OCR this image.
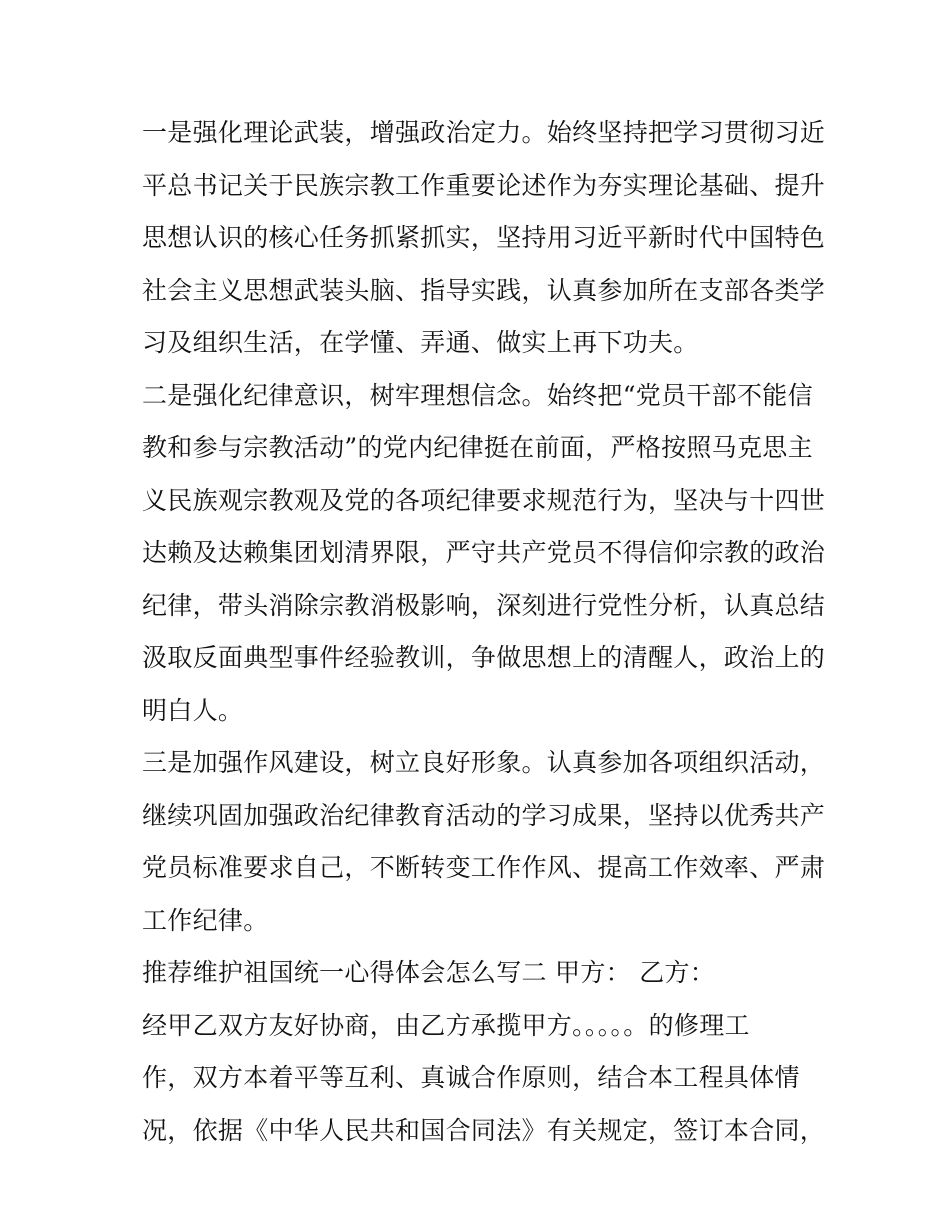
一是强化理论武装，增强政治定力。始终坚持把学习贯彻习近
平总书记关于民族宗教工作重要论述作为夯实理论基础、提升
思想认识的核心任务抓紧抓实，坚持用习近平新时代中国特色
社会主义思想武装头脑、指导实践，认真参加所在支部各类学
习及组织生活，在学懂、弄通、做实上再下功夫。
二是强化纪律意识，树牢理想信念。始终把“党员干部不能信
教和参与宗教活动”的党内纪律挺在前面，严格按照马克思主
义民族观宗教观及党的各项纪律要求规范行为，坚决与十四世
达赖及达赖集团划清界限，严守共产党员不得信仰宗教的政治
纪律，带头消除宗教消极影响，深刻进行党性分析，认真总结
汲取反面典型事件经验教训，争做思想上的清醒人，政治上的
明白人。
三是加强作风建设，树立良好形象。认真参加各项组织活动，
继续巩固加强政治纪律教育活动的学习成果，坚持以优秀共产
党员标准要求自己，不断转变工作作风、提高工作效率、严肃
工作纪律。
推荐维护祖国统一心得体会怎么写二 甲方： 乙方：
经甲乙双方友好协商，由乙方承揽甲方。。。。。的修理工
作，双方本着平等互利、真诚合作原则，结合本工程具体情
况，依据《中华人民共和国合同法》有关规定，签订本合同，
